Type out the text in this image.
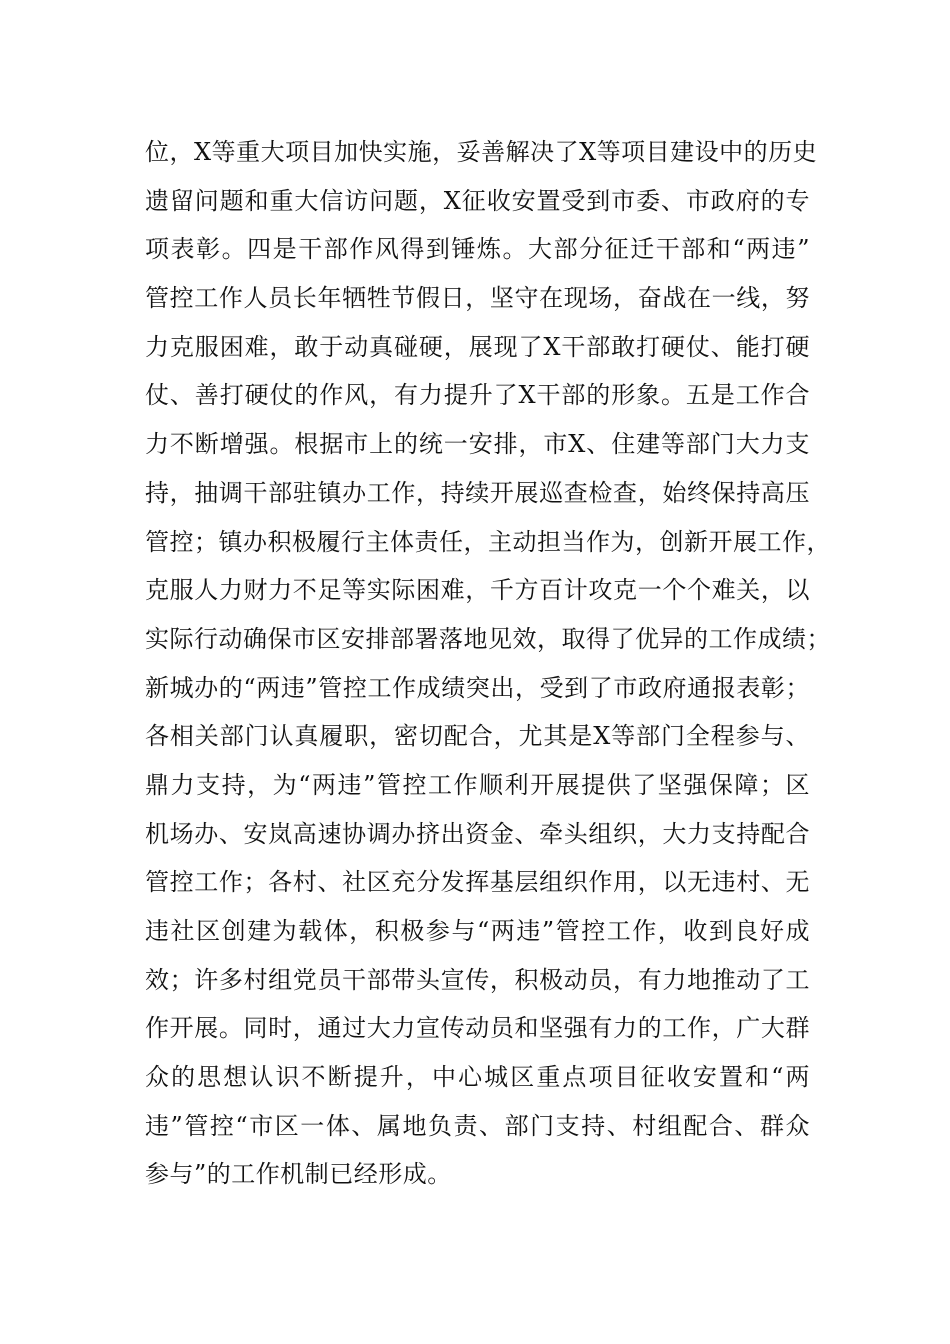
位，X等重大项目加快实施，妥善解决了X等项目建设中的历史
遗留问题和重大信访问题，X征收安置受到市委、市政府的专
项表彰。四是干部作风得到锤炼。大部分征迁干部和“两违”
管控工作人员长年牺牲节假日，坚守在现场，奋战在一线，努
力克服困难，敢于动真碰硬，展现了X干部敢打硬仗、能打硬
仗、善打硬仗的作风，有力提升了X干部的形象。五是工作合
力不断增强。根据市上的统一安排，市X、住建等部门大力支
持，抽调干部驻镇办工作，持续开展巡查检查，始终保持高压
管控；镇办积极履行主体责任，主动担当作为，创新开展工作，
克服人力财力不足等实际困难，千方百计攻克一个个难关，以
实际行动确保市区安排部署落地见效，取得了优异的工作成绩；
新城办的“两违”管控工作成绩突出，受到了市政府通报表彰；
各相关部门认真履职，密切配合，尤其是X等部门全程参与、
鼎力支持，为“两违”管控工作顺利开展提供了坚强保障；区
机场办、安岚高速协调办挤出资金、牵头组织，大力支持配合
管控工作；各村、社区充分发挥基层组织作用，以无违村、无
违社区创建为载体，积极参与“两违”管控工作，收到良好成
效；许多村组党员干部带头宣传，积极动员，有力地推动了工
作开展。同时，通过大力宣传动员和坚强有力的工作，广大群
众的思想认识不断提升，中心城区重点项目征收安置和“两
违”管控“市区一体、属地负责、部门支持、村组配合、群众
参与”的工作机制已经形成。
